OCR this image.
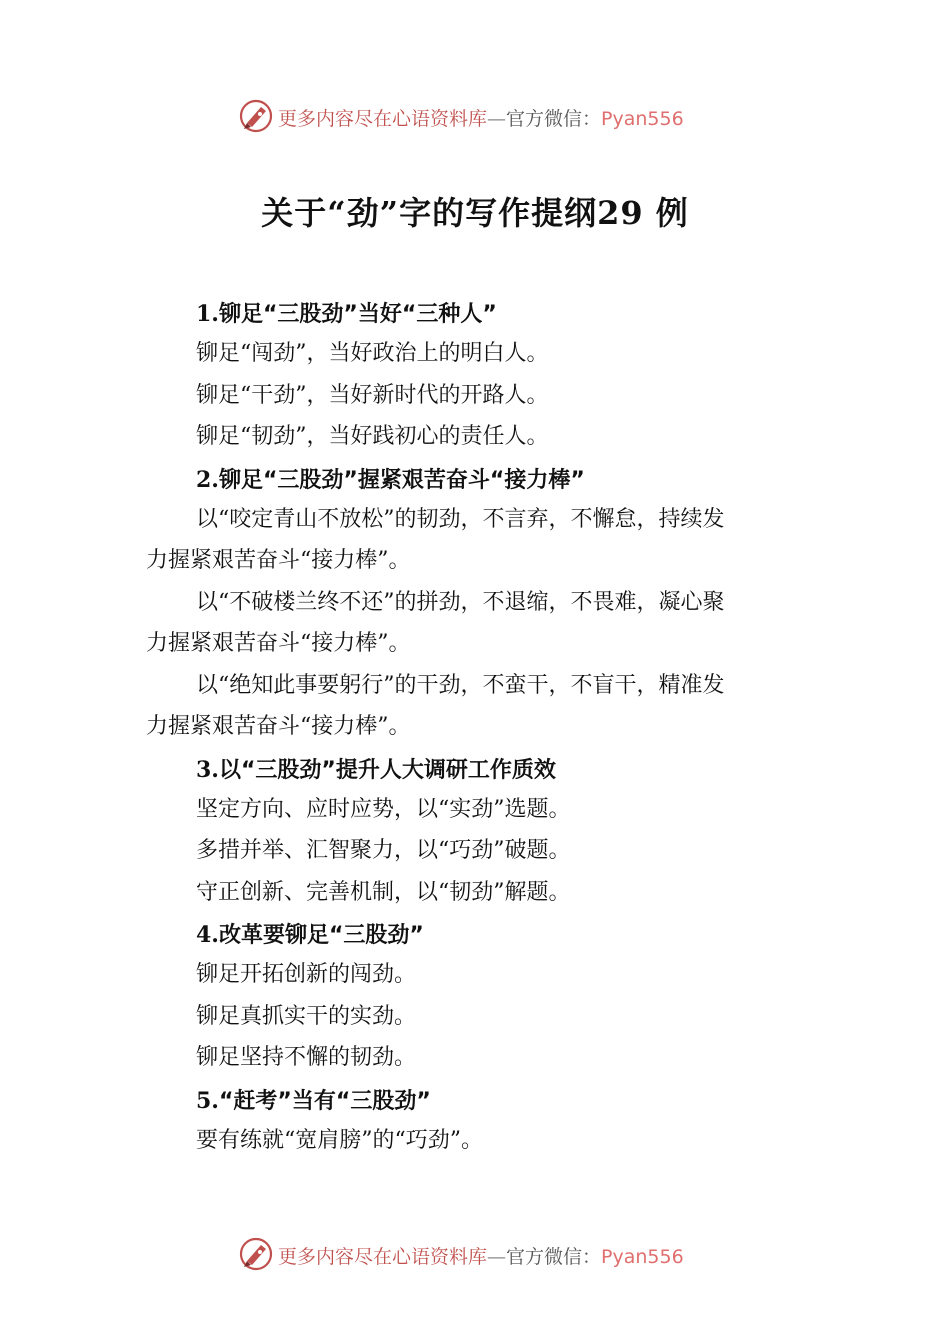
更多内容尽在心语资料库—官方微信：Pyan556
关于“劲”字的写作提纲29 例
1.铆足“三股劲”当好“三种人”
铆足“闯劲”，当好政治上的明白人。
铆足“干劲”，当好新时代的开路人。
铆足“韧劲”，当好践初心的责任人。
2.铆足“三股劲”握紧艰苦奋斗“接力棒”
以“咬定青山不放松”的韧劲，不言弃，不懈怠，持续发
力握紧艰苦奋斗“接力棒”。
以“不破楼兰终不还”的拼劲，不退缩，不畏难，凝心聚
力握紧艰苦奋斗“接力棒”。
以“绝知此事要躬行”的干劲，不蛮干，不盲干，精准发
力握紧艰苦奋斗“接力棒”。
3.以“三股劲”提升人大调研工作质效
坚定方向、应时应势，以“实劲”选题。
多措并举、汇智聚力，以“巧劲”破题。
守正创新、完善机制，以“韧劲”解题。
4.改革要铆足“三股劲”
铆足开拓创新的闯劲。
铆足真抓实干的实劲。
铆足坚持不懈的韧劲。
5.“赶考”当有“三股劲”
要有练就“宽肩膀”的“巧劲”。
更多内容尽在心语资料库—官方微信：Pyan556
